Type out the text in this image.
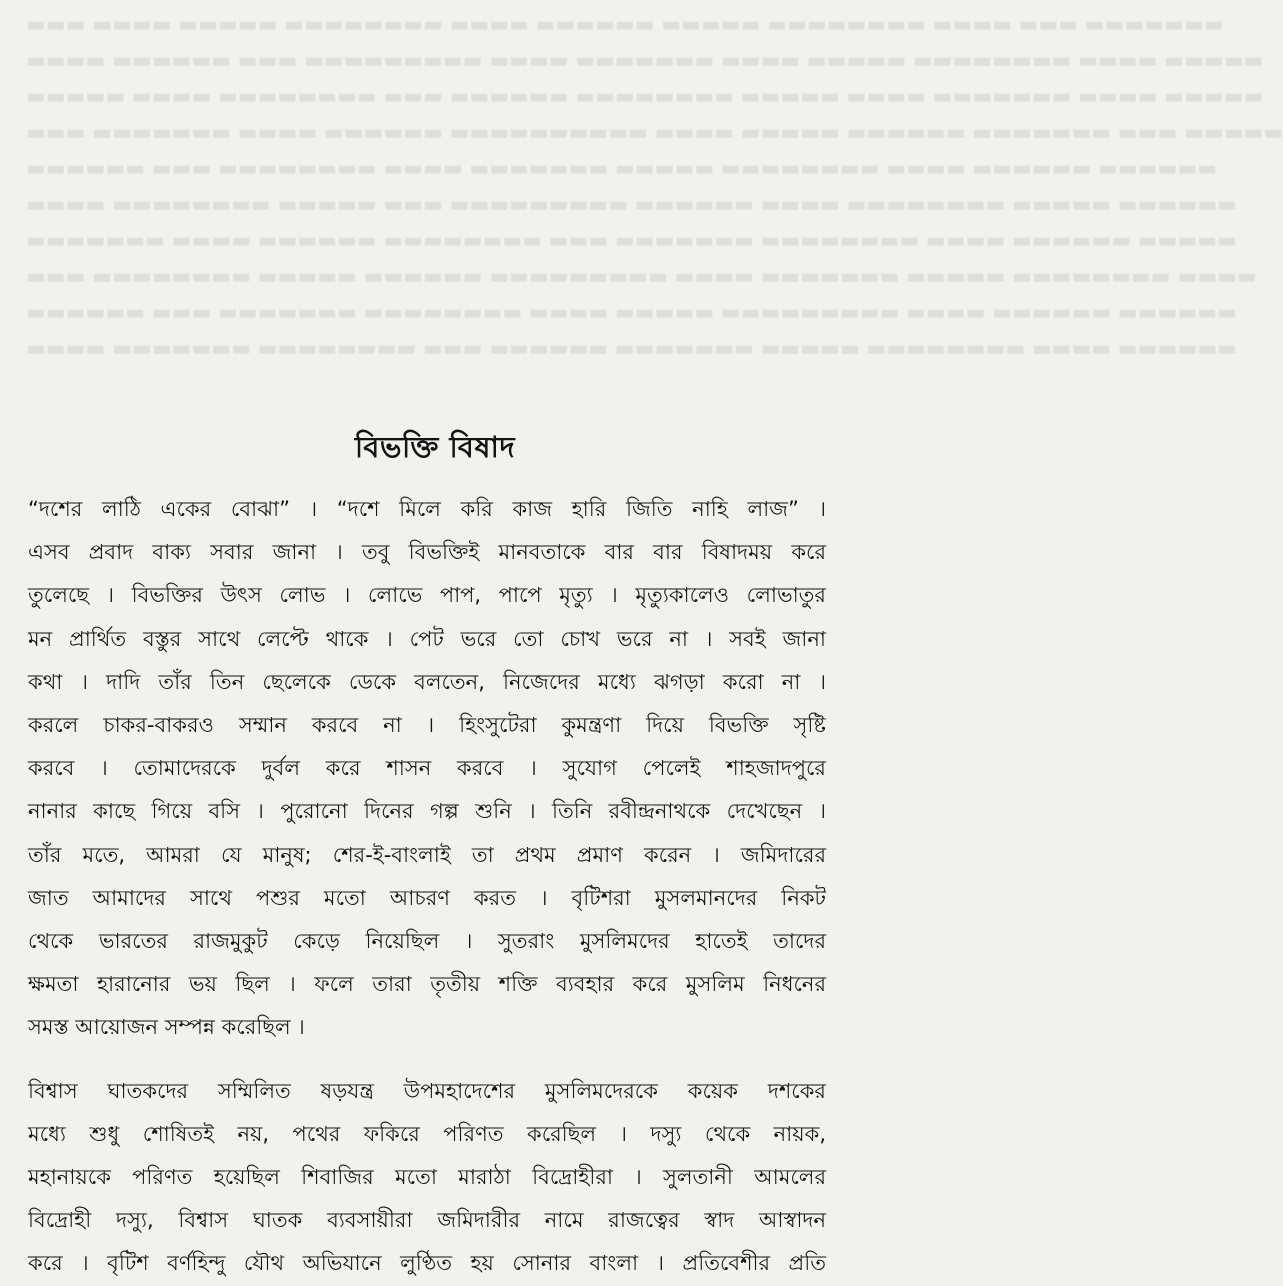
▬▬▬ ▬▬▬▬ ▬▬▬▬▬ ▬▬▬▬▬▬▬▬ ▬▬▬▬ ▬▬▬▬▬▬ ▬▬▬▬▬ ▬▬▬▬▬▬▬▬ ▬▬▬▬ ▬▬▬ ▬▬▬▬▬▬▬
▬▬▬▬ ▬▬▬▬▬▬ ▬▬▬ ▬▬▬▬▬▬▬▬▬ ▬▬▬▬ ▬▬▬▬▬▬▬ ▬▬▬▬ ▬▬▬▬▬ ▬▬▬▬▬▬▬▬ ▬▬▬▬ ▬▬▬▬▬
▬▬▬▬▬ ▬▬▬▬ ▬▬▬▬▬▬▬▬ ▬▬▬ ▬▬▬▬▬▬ ▬▬▬▬▬▬▬▬ ▬▬▬▬▬ ▬▬▬▬ ▬▬▬▬▬▬▬ ▬▬▬▬ ▬▬▬▬▬
▬▬▬ ▬▬▬▬▬▬▬ ▬▬▬▬ ▬▬▬▬▬▬ ▬▬▬▬▬▬▬▬▬▬ ▬▬▬▬ ▬▬▬▬▬ ▬▬▬▬▬▬ ▬▬▬▬▬▬▬ ▬▬▬ ▬▬▬▬▬
▬▬▬▬▬▬ ▬▬▬ ▬▬▬▬▬▬▬▬ ▬▬▬▬ ▬▬▬▬▬▬▬ ▬▬▬▬▬ ▬▬▬▬▬▬▬▬ ▬▬▬▬ ▬▬▬▬▬▬ ▬▬▬▬▬▬
▬▬▬▬ ▬▬▬▬▬▬▬▬ ▬▬▬▬▬ ▬▬▬ ▬▬▬▬▬▬▬▬▬ ▬▬▬▬▬▬ ▬▬▬▬ ▬▬▬▬▬▬▬▬ ▬▬▬▬▬ ▬▬▬▬▬▬
▬▬▬▬▬▬▬ ▬▬▬▬ ▬▬▬▬▬▬ ▬▬▬▬▬▬▬▬ ▬▬▬ ▬▬▬▬▬▬▬ ▬▬▬▬▬▬▬▬ ▬▬▬▬ ▬▬▬▬▬▬ ▬▬▬▬▬
▬▬▬ ▬▬▬▬▬▬▬▬ ▬▬▬▬▬ ▬▬▬▬▬▬ ▬▬▬▬▬▬▬▬▬ ▬▬▬▬ ▬▬▬▬▬▬▬ ▬▬▬▬▬ ▬▬▬▬▬▬▬▬ ▬▬▬▬
▬▬▬▬▬▬ ▬▬▬ ▬▬▬▬▬▬▬ ▬▬▬▬▬▬▬▬ ▬▬▬▬ ▬▬▬▬▬ ▬▬▬▬▬▬▬▬▬ ▬▬▬▬ ▬▬▬▬▬▬ ▬▬▬▬▬▬
▬▬▬▬ ▬▬▬▬▬▬▬ ▬▬▬▬▬▬▬▬ ▬▬▬ ▬▬▬▬▬▬ ▬▬▬▬▬▬▬ ▬▬▬▬▬ ▬▬▬▬▬▬▬▬ ▬▬▬▬ ▬▬▬▬▬▬
বিভক্তি বিষাদ

“দশের লাঠি একের বোঝা” । “দশে মিলে করি কাজ হারি জিতি নাহি লাজ” ।
এসব প্রবাদ বাক্য সবার জানা । তবু বিভক্তিই মানবতাকে বার বার বিষাদময় করে
তুলেছে । বিভক্তির উৎস লোভ । লোভে পাপ, পাপে মৃত্যু । মৃত্যুকালেও লোভাতুর
মন প্রার্থিত বস্তুর সাথে লেপ্টে থাকে । পেট ভরে তো চোখ ভরে না । সবই জানা
কথা । দাদি তাঁর তিন ছেলেকে ডেকে বলতেন, নিজেদের মধ্যে ঝগড়া করো না ।
করলে চাকর-বাকরও সম্মান করবে না । হিংসুটেরা কুমন্ত্রণা দিয়ে বিভক্তি সৃষ্টি
করবে । তোমাদেরকে দুর্বল করে শাসন করবে । সুযোগ পেলেই শাহজাদপুরে
নানার কাছে গিয়ে বসি । পুরোনো দিনের গল্প শুনি । তিনি রবীন্দ্রনাথকে দেখেছেন ।
তাঁর মতে, আমরা যে মানুষ; শের-ই-বাংলাই তা প্রথম প্রমাণ করেন । জমিদারের
জাত আমাদের সাথে পশুর মতো আচরণ করত । বৃটিশরা মুসলমানদের নিকট
থেকে ভারতের রাজমুকুট কেড়ে নিয়েছিল । সুতরাং মুসলিমদের হাতেই তাদের
ক্ষমতা হারানোর ভয় ছিল । ফলে তারা তৃতীয় শক্তি ব্যবহার করে মুসলিম নিধনের
সমস্ত আয়োজন সম্পন্ন করেছিল ।

বিশ্বাস ঘাতকদের সম্মিলিত ষড়যন্ত্র উপমহাদেশের মুসলিমদেরকে কয়েক দশকের
মধ্যে শুধু শোষিতই নয়, পথের ফকিরে পরিণত করেছিল । দস্যু থেকে নায়ক,
মহানায়কে পরিণত হয়েছিল শিবাজির মতো মারাঠা বিদ্রোহীরা । সুলতানী আমলের
বিদ্রোহী দস্যু, বিশ্বাস ঘাতক ব্যবসায়ীরা জমিদারীর নামে রাজত্বের স্বাদ আস্বাদন
করে । বৃটিশ বর্ণহিন্দু যৌথ অভিযানে লুণ্ঠিত হয় সোনার বাংলা । প্রতিবেশীর প্রতি
